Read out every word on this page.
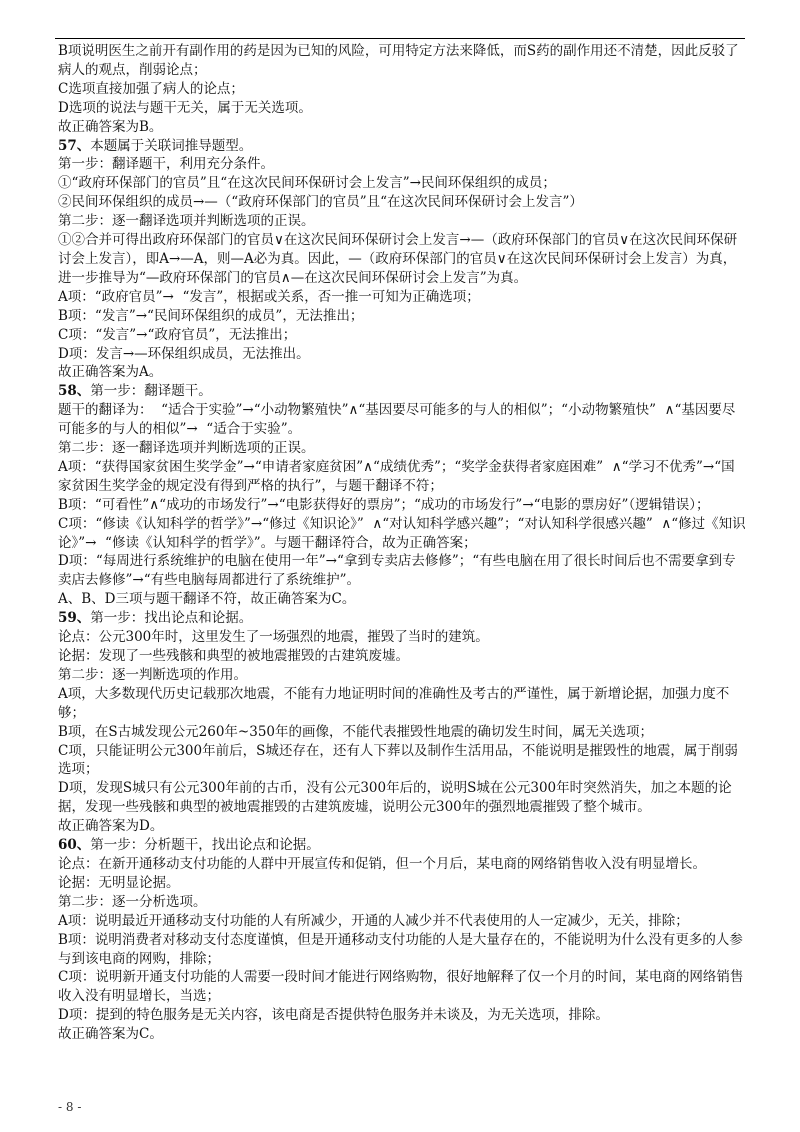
B项说明医生之前开有副作用的药是因为已知的风险，可用特定方法来降低，而S药的副作用还不清楚，因此反驳了病人的观点，削弱论点；
C选项直接加强了病人的论点；
D选项的说法与题干无关，属于无关选项。
故正确答案为B。
57、本题属于关联词推导题型。
第一步：翻译题干，利用充分条件。
①“政府环保部门的官员”且“在这次民间环保研讨会上发言”→民间环保组织的成员；
②民间环保组织的成员→—（“政府环保部门的官员”且“在这次民间环保研讨会上发言”）
第二步：逐一翻译选项并判断选项的正误。
①②合并可得出政府环保部门的官员∨在这次民间环保研讨会上发言→—（政府环保部门的官员∨在这次民间环保研讨会上发言），即A→—A，则—A必为真。因此，—（政府环保部门的官员∨在这次民间环保研讨会上发言）为真，进一步推导为“—政府环保部门的官员∧—在这次民间环保研讨会上发言”为真。
A项：“政府官员”→  “发言”，根据或关系，否一推一可知为正确选项；
B项：“发言”→“民间环保组织的成员”，无法推出；
C项：“发言”→“政府官员”，无法推出；
D项：发言→—环保组织成员，无法推出。
故正确答案为A。
58、第一步：翻译题干。
题干的翻译为：  “适合于实验”→“小动物繁殖快”∧“基因要尽可能多的与人的相似”；“小动物繁殖快”  ∧“基因要尽可能多的与人的相似”→  “适合于实验”。
第二步：逐一翻译选项并判断选项的正误。
A项：“获得国家贫困生奖学金”→“申请者家庭贫困”∧“成绩优秀”；“奖学金获得者家庭困难”  ∧“学习不优秀”→“国家贫困生奖学金的规定没有得到严格的执行”，与题干翻译不符；
B项：“可看性”∧“成功的市场发行”→“电影获得好的票房”；“成功的市场发行”→“电影的票房好”（逻辑错误）；
C项：“修读《认知科学的哲学》”→“修过《知识论》”  ∧“对认知科学感兴趣”；“对认知科学很感兴趣”  ∧“修过《知识论》”→  “修读《认知科学的哲学》”。与题干翻译符合，故为正确答案；
D项：“每周进行系统维护的电脑在使用一年”→“拿到专卖店去修修”；“有些电脑在用了很长时间后也不需要拿到专卖店去修修”→“有些电脑每周都进行了系统维护”。
A、B、D三项与题干翻译不符，故正确答案为C。
59、第一步：找出论点和论据。
论点：公元300年时，这里发生了一场强烈的地震，摧毁了当时的建筑。
论据：发现了一些残骸和典型的被地震摧毁的古建筑废墟。
第二步：逐一判断选项的作用。
A项，大多数现代历史记载那次地震，不能有力地证明时间的准确性及考古的严谨性，属于新增论据，加强力度不够；
B项，在S古城发现公元260年~350年的画像，不能代表摧毁性地震的确切发生时间，属无关选项；
C项，只能证明公元300年前后，S城还存在，还有人下葬以及制作生活用品，不能说明是摧毁性的地震，属于削弱选项；
D项，发现S城只有公元300年前的古币，没有公元300年后的，说明S城在公元300年时突然消失，加之本题的论据，发现一些残骸和典型的被地震摧毁的古建筑废墟，说明公元300年的强烈地震摧毁了整个城市。
故正确答案为D。
60、第一步：分析题干，找出论点和论据。
论点：在新开通移动支付功能的人群中开展宣传和促销，但一个月后，某电商的网络销售收入没有明显增长。
论据：无明显论据。
第二步：逐一分析选项。
A项：说明最近开通移动支付功能的人有所减少，开通的人减少并不代表使用的人一定减少，无关，排除；
B项：说明消费者对移动支付态度谨慎，但是开通移动支付功能的人是大量存在的，不能说明为什么没有更多的人参与到该电商的网购，排除；
C项：说明新开通支付功能的人需要一段时间才能进行网络购物，很好地解释了仅一个月的时间，某电商的网络销售收入没有明显增长，当选；
D项：提到的特色服务是无关内容，该电商是否提供特色服务并未谈及，为无关选项，排除。
故正确答案为C。
- 8 -
